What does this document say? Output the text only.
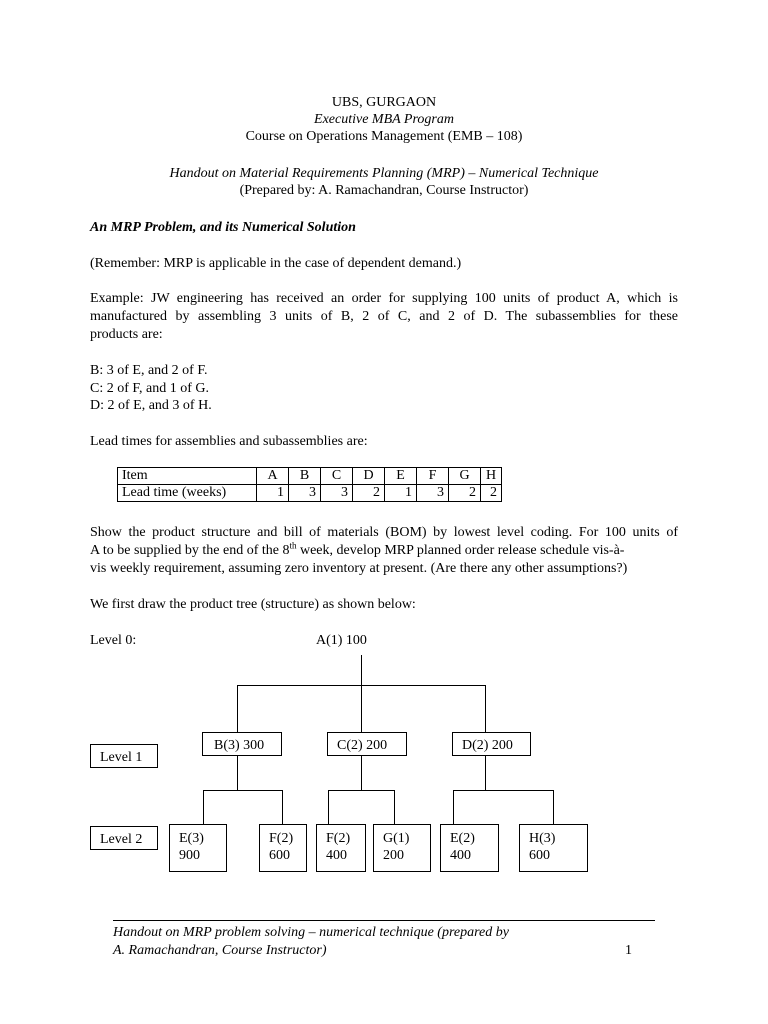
UBS, GURGAON
Executive MBA Program
Course on Operations Management (EMB – 108)
Handout on Material Requirements Planning (MRP) – Numerical Technique
(Prepared by: A. Ramachandran, Course Instructor)
An MRP Problem, and its Numerical Solution
(Remember: MRP is applicable in the case of dependent demand.)
Example: JW engineering has received an order for supplying 100 units of product A, which is
manufactured by assembling 3 units of B, 2 of C, and 2 of D. The subassemblies for these
products are:
B: 3 of E, and 2 of F.
C: 2 of F, and 1 of G.
D: 2 of E, and 3 of H.
Lead times for assemblies and subassemblies are:
Item	A	B	C	D	E	F	G	H
Lead time (weeks)	1	3	3	2	1	3	2	2
Show the product structure and bill of materials (BOM) by lowest level coding. For 100 units of
A to be supplied by the end of the 8th week, develop MRP planned order release schedule vis-à-
vis weekly requirement, assuming zero inventory at present. (Are there any other assumptions?)
We first draw the product tree (structure) as shown below:
Level 0:	A(1) 100
Level 1
Level 2
B(3) 300	C(2) 200	D(2) 200
E(3)
900
F(2)
600
F(2)
400
G(1)
200
E(2)
400
H(3)
600
Handout on MRP problem solving – numerical technique (prepared by
A. Ramachandran, Course Instructor)	1
